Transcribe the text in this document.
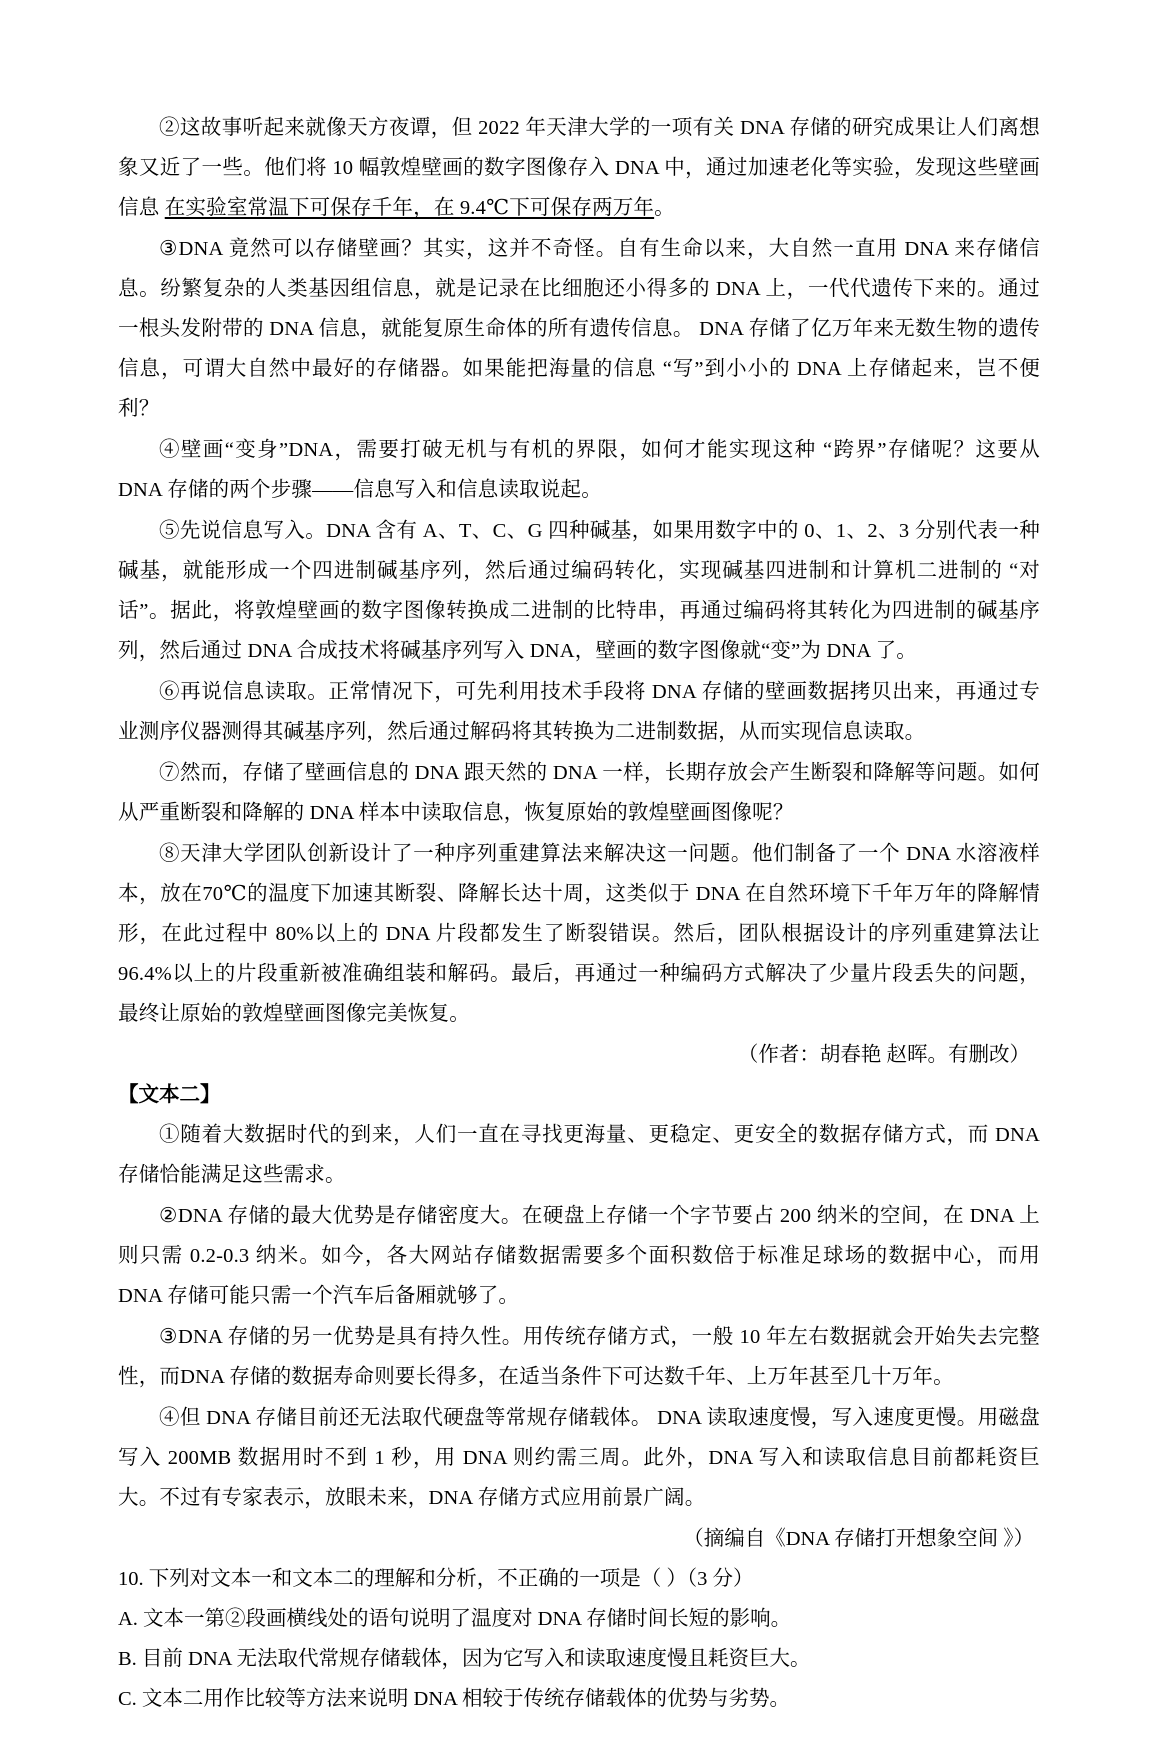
②这故事听起来就像天方夜谭，但 2022 年天津大学的一项有关 DNA 存储的研究成果让人们离想象又近了一些。他们将 10 幅敦煌壁画的数字图像存入 DNA 中，通过加速老化等实验，发现这些壁画信息 在实验室常温下可保存千年，在 9.4℃下可保存两万年。

③DNA 竟然可以存储壁画？其实，这并不奇怪。自有生命以来，大自然一直用 DNA 来存储信息。纷繁复杂的人类基因组信息，就是记录在比细胞还小得多的 DNA 上，一代代遗传下来的。通过一根头发附带的 DNA 信息，就能复原生命体的所有遗传信息。 DNA 存储了亿万年来无数生物的遗传信息，可谓大自然中最好的存储器。如果能把海量的信息 “写”到小小的 DNA 上存储起来，岂不便利？

④壁画“变身”DNA，需要打破无机与有机的界限，如何才能实现这种 “跨界”存储呢？这要从 DNA 存储的两个步骤——信息写入和信息读取说起。

⑤先说信息写入。DNA 含有 A、T、C、G 四种碱基，如果用数字中的 0、1、2、3 分别代表一种碱基，就能形成一个四进制碱基序列，然后通过编码转化，实现碱基四进制和计算机二进制的 “对话”。据此，将敦煌壁画的数字图像转换成二进制的比特串，再通过编码将其转化为四进制的碱基序列，然后通过 DNA 合成技术将碱基序列写入 DNA，壁画的数字图像就“变”为 DNA 了。

⑥再说信息读取。正常情况下，可先利用技术手段将 DNA 存储的壁画数据拷贝出来，再通过专业测序仪器测得其碱基序列，然后通过解码将其转换为二进制数据，从而实现信息读取。

⑦然而，存储了壁画信息的 DNA 跟天然的 DNA 一样，长期存放会产生断裂和降解等问题。如何从严重断裂和降解的 DNA 样本中读取信息，恢复原始的敦煌壁画图像呢？

⑧天津大学团队创新设计了一种序列重建算法来解决这一问题。他们制备了一个 DNA 水溶液样本，放在70℃的温度下加速其断裂、降解长达十周，这类似于 DNA 在自然环境下千年万年的降解情形，在此过程中 80%以上的 DNA 片段都发生了断裂错误。然后，团队根据设计的序列重建算法让 96.4%以上的片段重新被准确组装和解码。最后，再通过一种编码方式解决了少量片段丢失的问题，最终让原始的敦煌壁画图像完美恢复。

（作者：胡春艳 赵晖。有删改）

【文本二】

①随着大数据时代的到来，人们一直在寻找更海量、更稳定、更安全的数据存储方式，而 DNA 存储恰能满足这些需求。

②DNA 存储的最大优势是存储密度大。在硬盘上存储一个字节要占 200 纳米的空间，在 DNA 上则只需 0.2-0.3 纳米。如今，各大网站存储数据需要多个面积数倍于标准足球场的数据中心，而用 DNA 存储可能只需一个汽车后备厢就够了。

③DNA 存储的另一优势是具有持久性。用传统存储方式，一般 10 年左右数据就会开始失去完整性，而DNA 存储的数据寿命则要长得多，在适当条件下可达数千年、上万年甚至几十万年。

④但 DNA 存储目前还无法取代硬盘等常规存储载体。 DNA 读取速度慢，写入速度更慢。用磁盘写入 200MB 数据用时不到 1 秒，用 DNA 则约需三周。此外，DNA 写入和读取信息目前都耗资巨大。不过有专家表示，放眼未来，DNA 存储方式应用前景广阔。

（摘编自《DNA 存储打开想象空间 》）

10. 下列对文本一和文本二的理解和分析，不正确的一项是（ ）（3 分）

A. 文本一第②段画横线处的语句说明了温度对 DNA 存储时间长短的影响。

B. 目前 DNA 无法取代常规存储载体，因为它写入和读取速度慢且耗资巨大。

C. 文本二用作比较等方法来说明 DNA 相较于传统存储载体的优势与劣势。
